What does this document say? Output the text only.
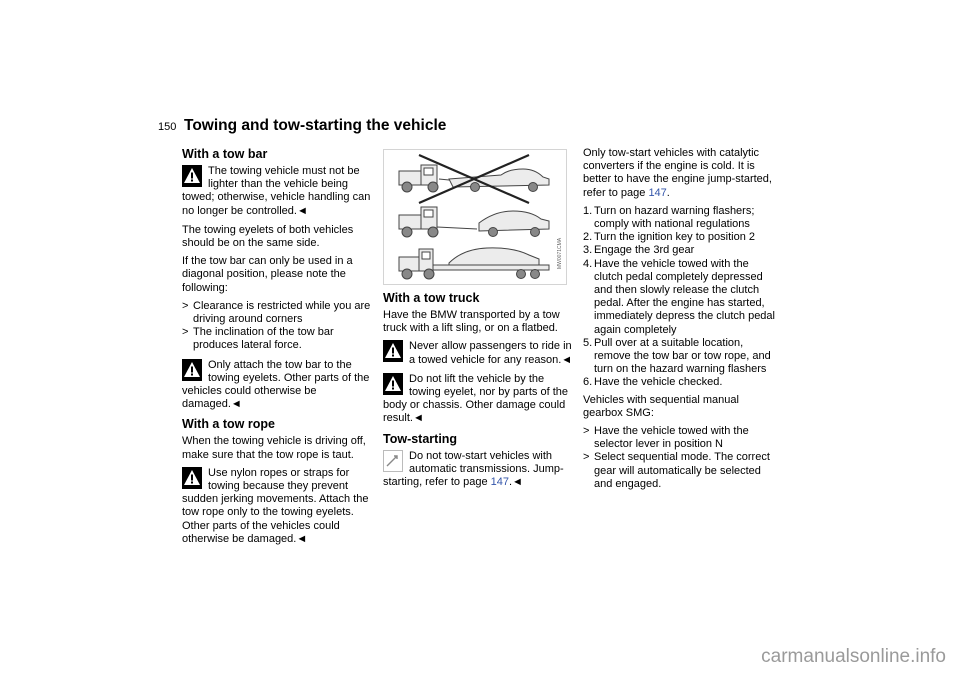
150 Towing and tow-starting the vehicle
With a tow bar
The towing vehicle must not be lighter than the vehicle being towed; otherwise, vehicle handling can no longer be controlled.◄

The towing eyelets of both vehicles should be on the same side.

If the tow bar can only be used in a diagonal position, please note the following:

> Clearance is restricted while you are driving around corners
> The inclination of the tow bar produces lateral force.
Only attach the tow bar to the towing eyelets. Other parts of the vehicles could otherwise be damaged.◄
With a tow rope

When the towing vehicle is driving off, make sure that the tow rope is taut.

Use nylon ropes or straps for towing because they prevent sudden jerking movements. Attach the tow rope only to the towing eyelets. Other parts of the vehicles could otherwise be damaged.◄
MW0071CMA
With a tow truck

Have the BMW transported by a tow truck with a lift sling, or on a flatbed.

Never allow passengers to ride in a towed vehicle for any reason.◄
Do not lift the vehicle by the towing eyelet, nor by parts of the body or chassis. Other damage could result.◄
Tow-starting
Do not tow-start vehicles with automatic transmissions. Jump-starting, refer to page 147.◄

Only tow-start vehicles with catalytic converters if the engine is cold. It is better to have the engine jump-started, refer to page 147.

1. Turn on hazard warning flashers; comply with national regulations
2. Turn the ignition key to position 2
3. Engage the 3rd gear
4. Have the vehicle towed with the clutch pedal completely depressed and then slowly release the clutch pedal. After the engine has started, immediately depress the clutch pedal again completely
5. Pull over at a suitable location, remove the tow bar or tow rope, and turn on the hazard warning flashers
6. Have the vehicle checked.

Vehicles with sequential manual gearbox SMG:

> Have the vehicle towed with the selector lever in position N
> Select sequential mode. The correct gear will automatically be selected and engaged.
carmanualsonline.info
